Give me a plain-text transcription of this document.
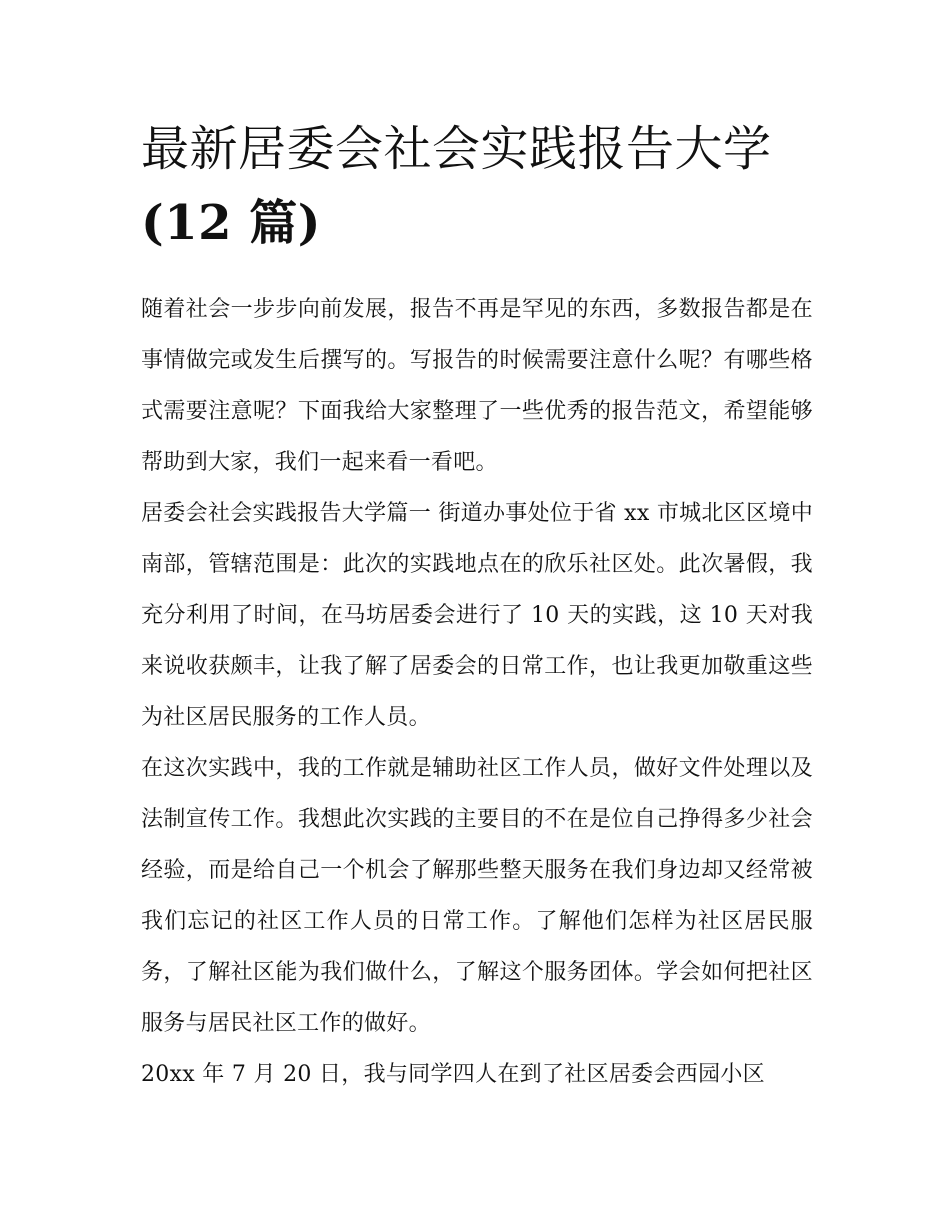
最新居委会社会实践报告大学
(12 篇)

随着社会一步步向前发展，报告不再是罕见的东西，多数报告都是在事情做完或发生后撰写的。写报告的时候需要注意什么呢？有哪些格式需要注意呢？下面我给大家整理了一些优秀的报告范文，希望能够帮助到大家，我们一起来看一看吧。

居委会社会实践报告大学篇一 街道办事处位于省 xx 市城北区区境中南部，管辖范围是：此次的实践地点在的欣乐社区处。此次暑假，我充分利用了时间，在马坊居委会进行了 10 天的实践，这 10 天对我来说收获颇丰，让我了解了居委会的日常工作，也让我更加敬重这些为社区居民服务的工作人员。

在这次实践中，我的工作就是辅助社区工作人员，做好文件处理以及法制宣传工作。我想此次实践的主要目的不在是位自己挣得多少社会经验，而是给自己一个机会了解那些整天服务在我们身边却又经常被我们忘记的社区工作人员的日常工作。了解他们怎样为社区居民服务，了解社区能为我们做什么，了解这个服务团体。学会如何把社区服务与居民社区工作的做好。

20xx 年 7 月 20 日，我与同学四人在到了社区居委会西园小区
